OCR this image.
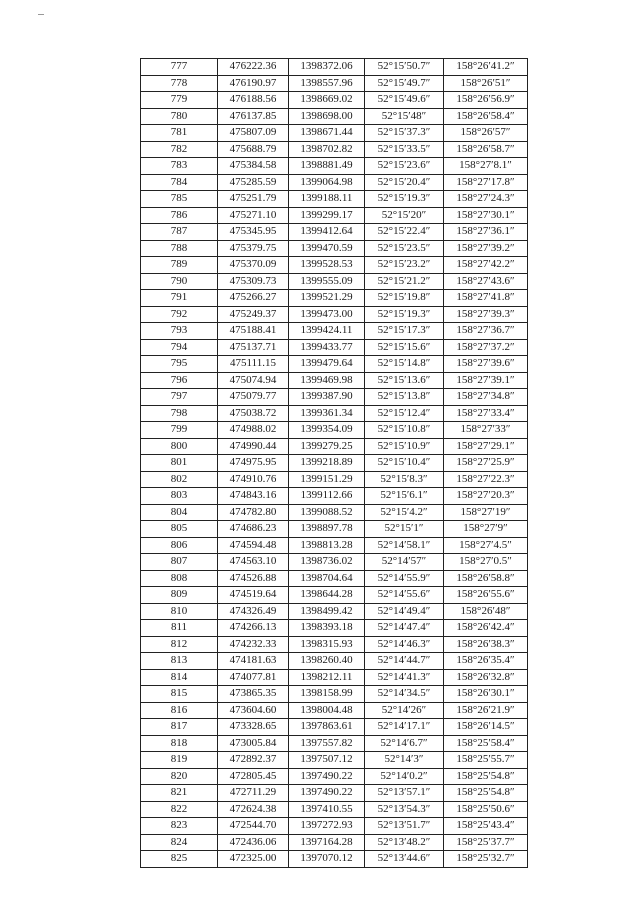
777	476222.36	1398372.06	52°15′50.7″	158°26′41.2″
778	476190.97	1398557.96	52°15′49.7″	158°26′51″
779	476188.56	1398669.02	52°15′49.6″	158°26′56.9″
780	476137.85	1398698.00	52°15′48″	158°26′58.4″
781	475807.09	1398671.44	52°15′37.3″	158°26′57″
782	475688.79	1398702.82	52°15′33.5″	158°26′58.7″
783	475384.58	1398881.49	52°15′23.6″	158°27′8.1″
784	475285.59	1399064.98	52°15′20.4″	158°27′17.8″
785	475251.79	1399188.11	52°15′19.3″	158°27′24.3″
786	475271.10	1399299.17	52°15′20″	158°27′30.1″
787	475345.95	1399412.64	52°15′22.4″	158°27′36.1″
788	475379.75	1399470.59	52°15′23.5″	158°27′39.2″
789	475370.09	1399528.53	52°15′23.2″	158°27′42.2″
790	475309.73	1399555.09	52°15′21.2″	158°27′43.6″
791	475266.27	1399521.29	52°15′19.8″	158°27′41.8″
792	475249.37	1399473.00	52°15′19.3″	158°27′39.3″
793	475188.41	1399424.11	52°15′17.3″	158°27′36.7″
794	475137.71	1399433.77	52°15′15.6″	158°27′37.2″
795	475111.15	1399479.64	52°15′14.8″	158°27′39.6″
796	475074.94	1399469.98	52°15′13.6″	158°27′39.1″
797	475079.77	1399387.90	52°15′13.8″	158°27′34.8″
798	475038.72	1399361.34	52°15′12.4″	158°27′33.4″
799	474988.02	1399354.09	52°15′10.8″	158°27′33″
800	474990.44	1399279.25	52°15′10.9″	158°27′29.1″
801	474975.95	1399218.89	52°15′10.4″	158°27′25.9″
802	474910.76	1399151.29	52°15′8.3″	158°27′22.3″
803	474843.16	1399112.66	52°15′6.1″	158°27′20.3″
804	474782.80	1399088.52	52°15′4.2″	158°27′19″
805	474686.23	1398897.78	52°15′1″	158°27′9″
806	474594.48	1398813.28	52°14′58.1″	158°27′4.5″
807	474563.10	1398736.02	52°14′57″	158°27′0.5″
808	474526.88	1398704.64	52°14′55.9″	158°26′58.8″
809	474519.64	1398644.28	52°14′55.6″	158°26′55.6″
810	474326.49	1398499.42	52°14′49.4″	158°26′48″
811	474266.13	1398393.18	52°14′47.4″	158°26′42.4″
812	474232.33	1398315.93	52°14′46.3″	158°26′38.3″
813	474181.63	1398260.40	52°14′44.7″	158°26′35.4″
814	474077.81	1398212.11	52°14′41.3″	158°26′32.8″
815	473865.35	1398158.99	52°14′34.5″	158°26′30.1″
816	473604.60	1398004.48	52°14′26″	158°26′21.9″
817	473328.65	1397863.61	52°14′17.1″	158°26′14.5″
818	473005.84	1397557.82	52°14′6.7″	158°25′58.4″
819	472892.37	1397507.12	52°14′3″	158°25′55.7″
820	472805.45	1397490.22	52°14′0.2″	158°25′54.8″
821	472711.29	1397490.22	52°13′57.1″	158°25′54.8″
822	472624.38	1397410.55	52°13′54.3″	158°25′50.6″
823	472544.70	1397272.93	52°13′51.7″	158°25′43.4″
824	472436.06	1397164.28	52°13′48.2″	158°25′37.7″
825	472325.00	1397070.12	52°13′44.6″	158°25′32.7″
